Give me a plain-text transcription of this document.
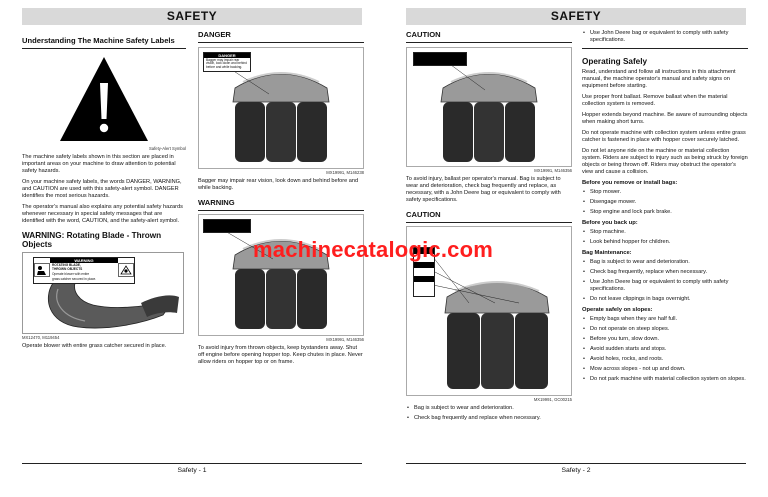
SAFETY
Understanding The Machine Safety Labels
Safety-Alert Symbol
The machine safety labels shown in this section are placed in important areas on your machine to draw attention to potential safety hazards.
On your machine safety labels, the words DANGER, WARNING, and CAUTION are used with this safety-alert symbol. DANGER identifies the most serious hazards.
The operator's manual also explains any potential safety hazards whenever necessary in special safety messages that are identified with the word, CAUTION, and the safety-alert symbol.
WARNING: Rotating Blade - Thrown Objects
WARNING
ROTATING BLADE,
THROWN OBJECTS
Operate blower with entire
grass catcher secured in place.
MX12470, M119454
Operate blower with entire grass catcher secured in place.
DANGER
DANGER
Bagger may impair rear vision, look down and behind before and while backing.
MX19991, M146238
Bagger may impair rear vision, look down and behind before and while backing.
WARNING
MX19991, M146356
To avoid injury from thrown objects, keep bystanders away. Shut off engine before opening hopper top. Keep chutes in place. Never allow riders on hopper top or on frame.
Safety - 1
SAFETY
CAUTION
MX19991, M146356
To avoid injury, ballast per operator's manual. Bag is subject to wear and deterioration, check bag frequently and replace, as necessary, with a John Deere bag or equivalent to comply with safety specifications.
CAUTION
MX19991, GC00215
• Bag is subject to wear and deterioration.
• Check bag frequently and replace when necessary.
• Use John Deere bag or equivalent to comply with safety specifications.
Operating Safely
Read, understand and follow all instructions in this attachment manual, the machine operator's manual and safety signs on equipment before starting.
Use proper front ballast. Remove ballast when the material collection system is removed.
Hopper extends beyond machine. Be aware of surrounding objects when making short turns.
Do not operate machine with collection system unless entire grass catcher is fastened in place with hopper cover securely latched.
Do not let anyone ride on the machine or material collection system. Riders are subject to injury such as being struck by foreign objects or being thrown off. Riders may obstruct the operator's view and cause a collision.
Before you remove or install bags:
• Stop mower.
• Disengage mower.
• Stop engine and lock park brake.
Before you back up:
• Stop machine.
• Look behind hopper for children.
Bag Maintenance:
• Bag is subject to wear and deterioration.
• Check bag frequently, replace when necessary.
• Use John Deere bag or equivalent to comply with safety specifications.
• Do not leave clippings in bags overnight.
Operate safely on slopes:
• Empty bags when they are half full.
• Do not operate on steep slopes.
• Before you turn, slow down.
• Avoid sudden starts and stops.
• Avoid holes, rocks, and roots.
• Mow across slopes - not up and down.
• Do not park machine with material collection system on slopes.
Safety - 2
machinecatalogic.com
